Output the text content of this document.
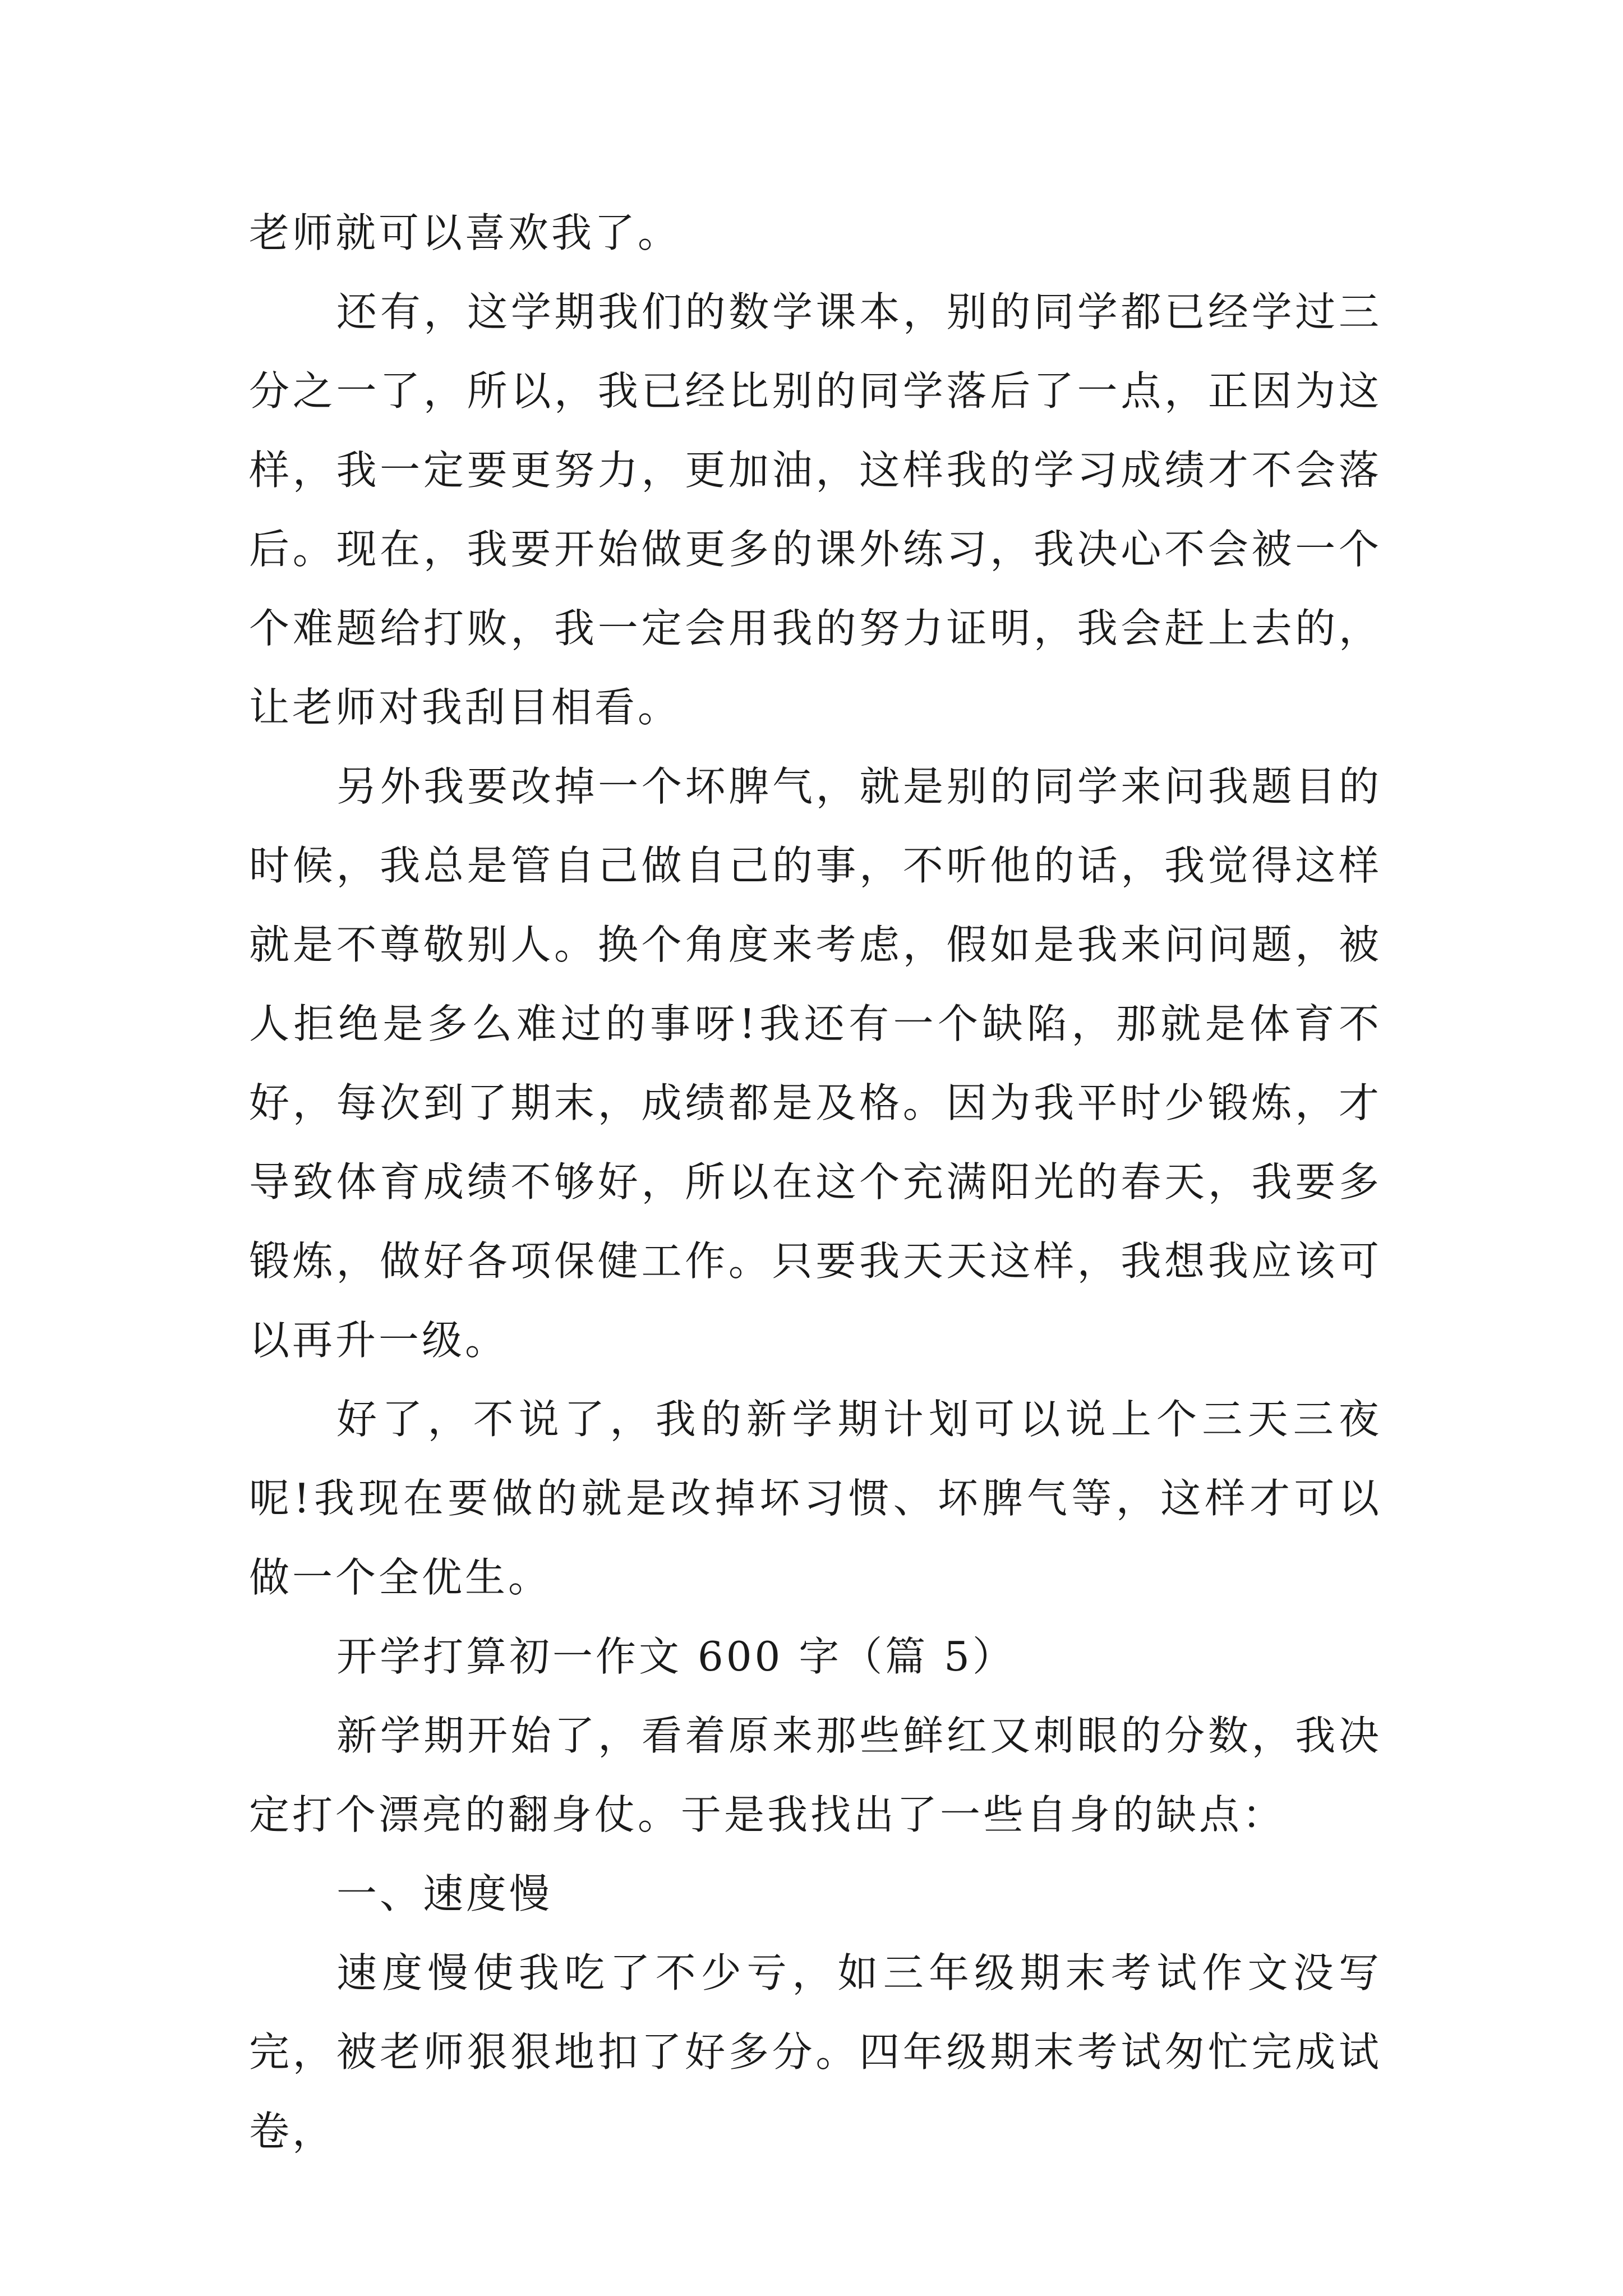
老师就可以喜欢我了。

还有，这学期我们的数学课本，别的同学都已经学过三分之一了，所以，我已经比别的同学落后了一点，正因为这样，我一定要更努力，更加油，这样我的学习成绩才不会落后。现在，我要开始做更多的课外练习，我决心不会被一个个难题给打败，我一定会用我的努力证明，我会赶上去的，让老师对我刮目相看。

另外我要改掉一个坏脾气，就是别的同学来问我题目的时候，我总是管自己做自己的事，不听他的话，我觉得这样就是不尊敬别人。换个角度来考虑，假如是我来问问题，被人拒绝是多么难过的事呀!我还有一个缺陷，那就是体育不好，每次到了期末，成绩都是及格。因为我平时少锻炼，才导致体育成绩不够好，所以在这个充满阳光的春天，我要多锻炼，做好各项保健工作。只要我天天这样，我想我应该可以再升一级。

好了，不说了，我的新学期计划可以说上个三天三夜呢!我现在要做的就是改掉坏习惯、坏脾气等，这样才可以做一个全优生。

开学打算初一作文 600 字（篇 5）

新学期开始了，看着原来那些鲜红又刺眼的分数，我决定打个漂亮的翻身仗。于是我找出了一些自身的缺点：

一、速度慢

速度慢使我吃了不少亏，如三年级期末考试作文没写完，被老师狠狠地扣了好多分。四年级期末考试匆忙完成试卷，
